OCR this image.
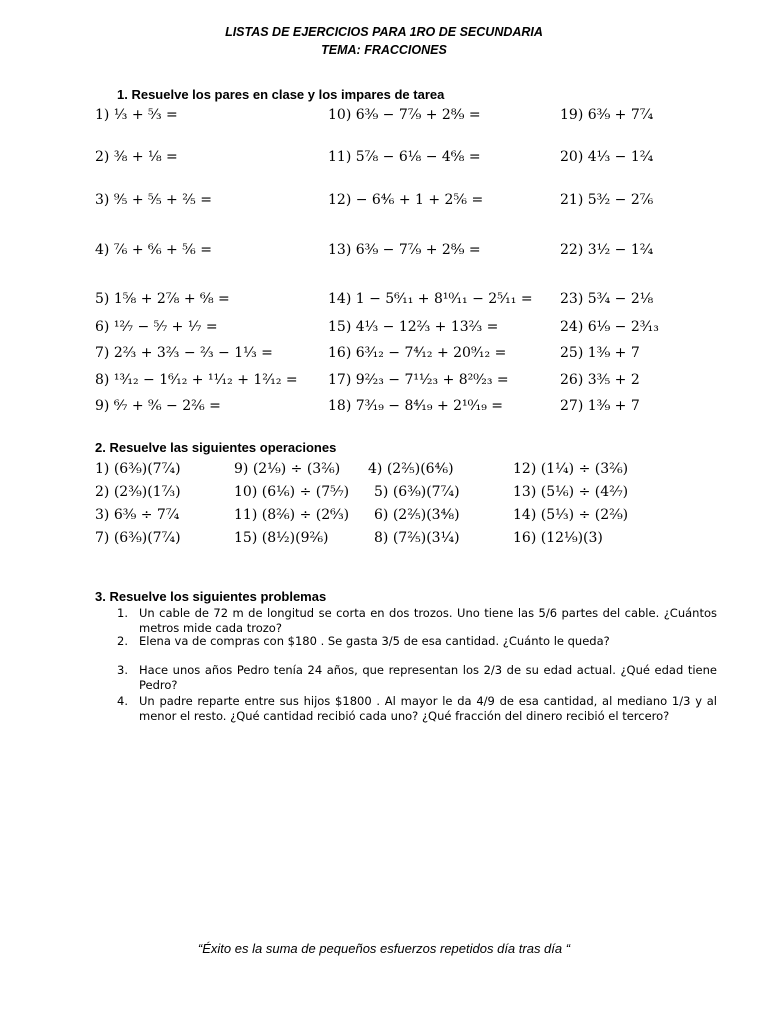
LISTAS DE EJERCICIOS PARA 1RO DE SECUNDARIA
TEMA: FRACCIONES
1. Resuelve los pares en clase y los impares de tarea
1) ¹⁄₃ + ⁵⁄₃ =
2) ³⁄₈ + ¹⁄₈ =
3) ⁹⁄₅ + ⁵⁄₅ + ²⁄₅ =
4) ⁷⁄₆ + ⁶⁄₆ + ⁵⁄₆ =
5) 1⁵⁄₈ + 2⁷⁄₈ + ⁶⁄₈ =
6) ¹²⁄₇ − ⁵⁄₇ + ¹⁄₇ =
7) 2²⁄₃ + 3²⁄₃ − ²⁄₃ − 1¹⁄₃ =
8) ¹³⁄₁₂ − 1⁶⁄₁₂ + ¹¹⁄₁₂ + 1²⁄₁₂ =
9) ⁶⁄₇ + ⁹⁄₆ − 2²⁄₆ =
10) 6³⁄₉ − 7⁷⁄₉ + 2⁸⁄₉ =
11) 5⁷⁄₈ − 6¹⁄₈ − 4⁶⁄₈ =
12) − 6⁴⁄₆ + 1 + 2⁵⁄₆ =
13) 6³⁄₉ − 7⁷⁄₉ + 2⁸⁄₉ =
14) 1 − 5⁶⁄₁₁ + 8¹⁰⁄₁₁ − 2⁵⁄₁₁ =
15) 4¹⁄₃ − 12²⁄₃ + 13²⁄₃ =
16) 6³⁄₁₂ − 7⁴⁄₁₂ + 20⁹⁄₁₂ =
17) 9²⁄₂₃ − 7¹¹⁄₂₃ + 8²⁰⁄₂₃ =
18) 7³⁄₁₉ − 8⁴⁄₁₉ + 2¹⁰⁄₁₉ =
19) 6³⁄₉ + 7⁷⁄₄
20) 4¹⁄₃ − 1²⁄₄
21) 5³⁄₂ − 2⁷⁄₆
22) 3¹⁄₂ − 1²⁄₄
23) 5³⁄₄ − 2¹⁄₈
24) 6¹⁄₉ − 2³⁄₁₃
25) 1³⁄₉ + 7
26) 3³⁄₅ + 2
27) 1³⁄₉ + 7
2. Resuelve las siguientes operaciones
1) (6³⁄₉)(7⁷⁄₄)
2) (2³⁄₉)(1⁷⁄₃)
3) 6³⁄₉ ÷ 7⁷⁄₄
7) (6³⁄₉)(7⁷⁄₄)
9) (2¹⁄₉) ÷ (3²⁄₆)
10) (6¹⁄₆) ÷ (7⁵⁄₇)
11) (8²⁄₆) ÷ (2⁶⁄₃)
15) (8¹⁄₂)(9²⁄₆)
4) (2²⁄₅)(6⁴⁄₆)
5) (6³⁄₉)(7⁷⁄₄)
6) (2²⁄₅)(3⁴⁄₈)
8) (7²⁄₅)(3¹⁄₄)
12) (1¹⁄₄) ÷ (3²⁄₆)
13) (5¹⁄₆) ÷ (4²⁄₇)
14) (5¹⁄₃) ÷ (2²⁄₉)
16) (12¹⁄₉)(3)
3. Resuelve los siguientes problemas
1. Un cable de 72 m de longitud se corta en dos trozos. Uno tiene las 5/6 partes del cable. ¿Cuántos metros mide cada trozo?
2. Elena va de compras con $180 . Se gasta 3/5 de esa cantidad. ¿Cuánto le queda?
3. Hace unos años Pedro tenía 24 años, que representan los 2/3 de su edad actual. ¿Qué edad tiene Pedro?
4. Un padre reparte entre sus hijos $1800 . Al mayor le da 4/9 de esa cantidad, al mediano 1/3 y al menor el resto. ¿Qué cantidad recibió cada uno? ¿Qué fracción del dinero recibió el tercero?
“Éxito es la suma de pequeños esfuerzos repetidos día tras día “
